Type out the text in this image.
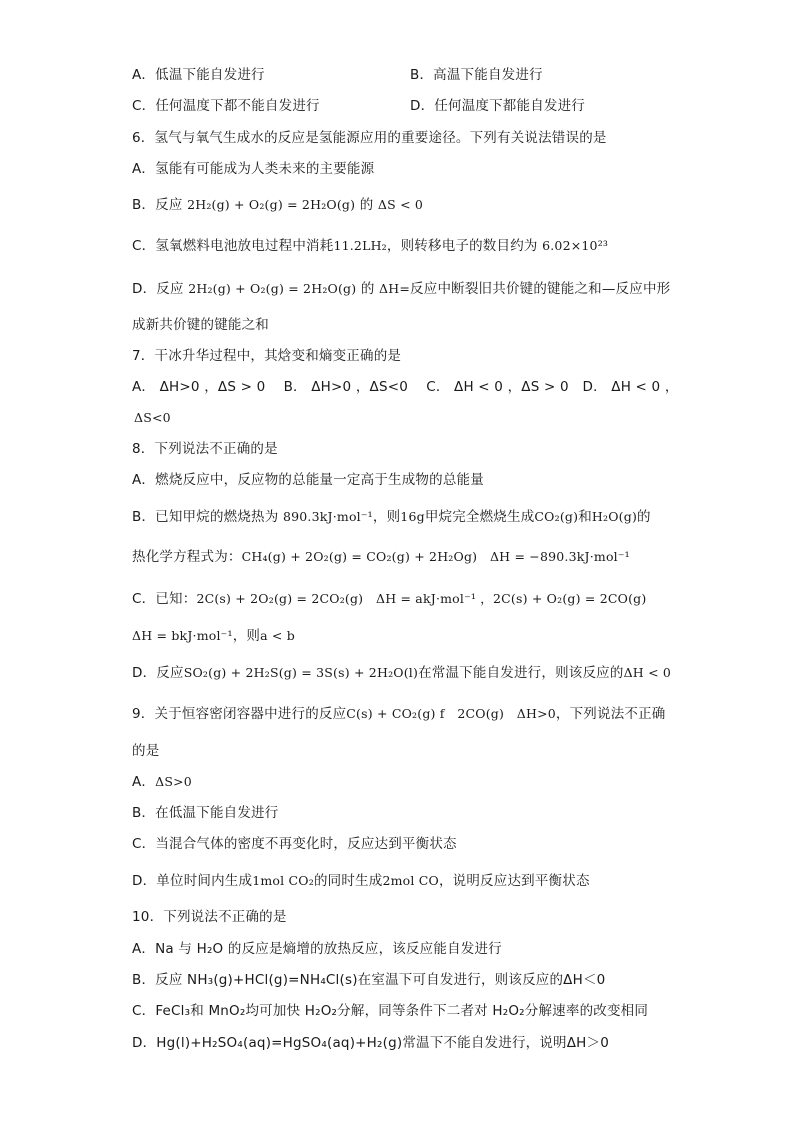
A．低温下能自发进行	B．高温下能自发进行
C．任何温度下都不能自发进行	D．任何温度下都能自发进行
6．氢气与氧气生成水的反应是氢能源应用的重要途径。下列有关说法错误的是
A．氢能有可能成为人类未来的主要能源
B．反应 2H₂(g) + O₂(g) = 2H₂O(g) 的 ΔS < 0
C．氢氧燃料电池放电过程中消耗11.2LH₂，则转移电子的数目约为 6.02×10²³
D．反应 2H₂(g) + O₂(g) = 2H₂O(g) 的 ΔH=反应中断裂旧共价键的键能之和—反应中形
成新共价键的键能之和
7．干冰升华过程中，其焓变和熵变正确的是
A． ΔH>0 ，ΔS > 0　 B． ΔH>0 ，ΔS<0　 C． ΔH < 0 ，ΔS > 0　D． ΔH < 0 ，
ΔS<0
8．下列说法不正确的是
A．燃烧反应中，反应物的总能量一定高于生成物的总能量
B．已知甲烷的燃烧热为 890.3kJ·mol⁻¹，则16g甲烷完全燃烧生成CO₂(g)和H₂O(g)的
热化学方程式为：CH₄(g) + 2O₂(g) = CO₂(g) + 2H₂Og)　ΔH = −890.3kJ·mol⁻¹
C．已知：2C(s) + 2O₂(g) = 2CO₂(g)　ΔH = akJ·mol⁻¹ ，2C(s) + O₂(g) = 2CO(g)
ΔH = bkJ·mol⁻¹，则a < b
D．反应SO₂(g) + 2H₂S(g) = 3S(s) + 2H₂O(l)在常温下能自发进行，则该反应的ΔH < 0
9．关于恒容密闭容器中进行的反应C(s) + CO₂(g) f　2CO(g)　ΔH>0，下列说法不正确
的是
A．ΔS>0
B．在低温下能自发进行
C．当混合气体的密度不再变化时，反应达到平衡状态
D．单位时间内生成1mol CO₂的同时生成2mol CO，说明反应达到平衡状态
10．下列说法不正确的是
A．Na 与 H₂O 的反应是熵增的放热反应，该反应能自发进行
B．反应 NH₃(g)+HCl(g)=NH₄Cl(s)在室温下可自发进行，则该反应的ΔH＜0
C．FeCl₃和 MnO₂均可加快 H₂O₂分解，同等条件下二者对 H₂O₂分解速率的改变相同
D．Hg(l)+H₂SO₄(aq)=HgSO₄(aq)+H₂(g)常温下不能自发进行，说明ΔH＞0
